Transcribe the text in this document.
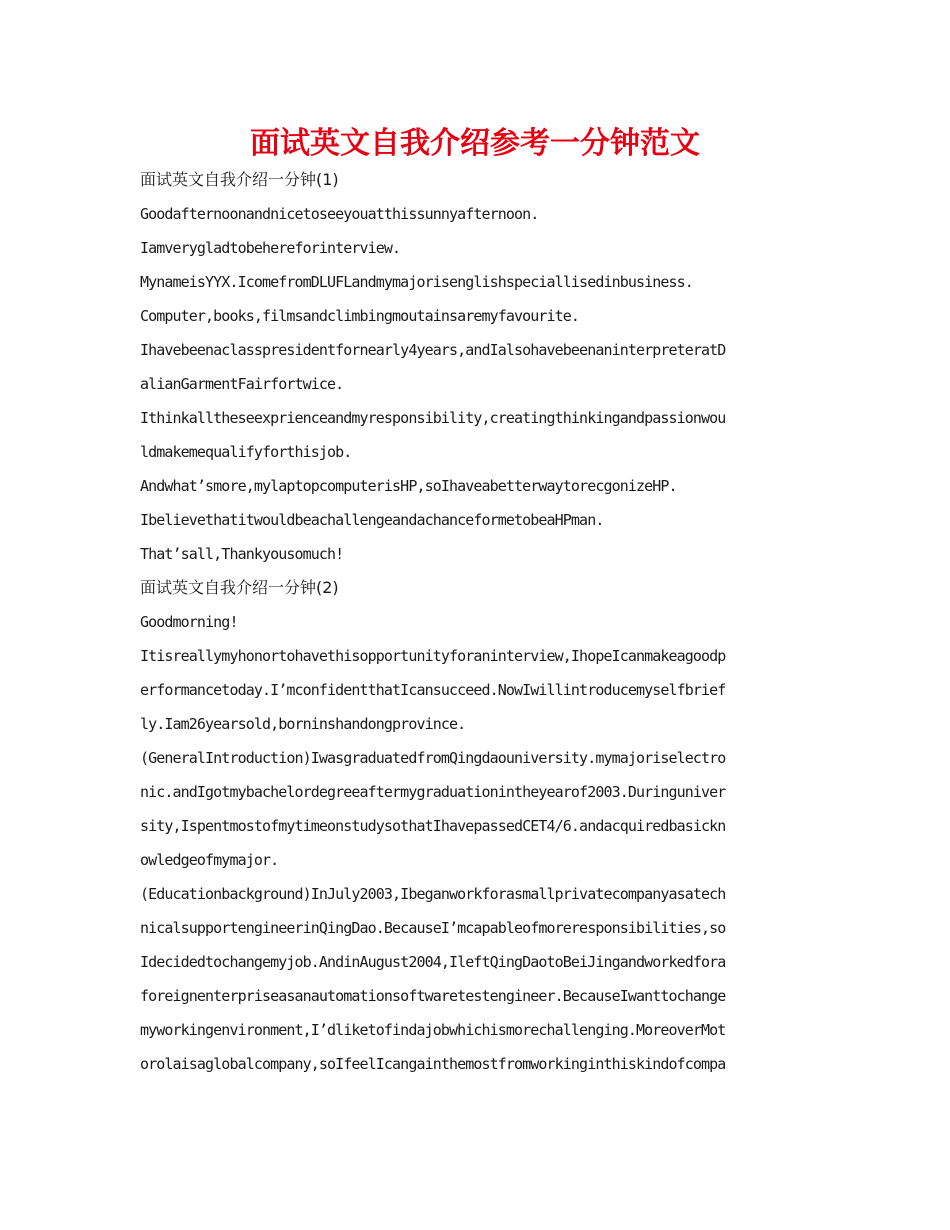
面试英文自我介绍参考一分钟范文
面试英文自我介绍一分钟(1)
Goodafternoonandnicetoseeyouatthissunnyafternoon.
Iamverygladtobehereforinterview.
MynameisYYX.IcomefromDLUFLandmymajorisenglishspeciallisedinbusiness.
Computer,books,filmsandclimbingmoutainsaremyfavourite.
Ihavebeenaclasspresidentfornearly4years,andIalsohavebeenaninterpreteratD
alianGarmentFairfortwice.
Ithinkalltheseexprienceandmyresponsibility,creatingthinkingandpassionwou
ldmakemequalifyforthisjob.
Andwhat’smore,mylaptopcomputerisHP,soIhaveabetterwaytorecgonizeHP.
IbelievethatitwouldbeachallengeandachanceformetobeaHPman.
That’sall,Thankyousomuch!
面试英文自我介绍一分钟(2)
Goodmorning!
Itisreallymyhonortohavethisopportunityforaninterview,IhopeIcanmakeagoodp
erformancetoday.I’mconfidentthatIcansucceed.NowIwillintroducemyselfbrief
ly.Iam26yearsold,borninshandongprovince.
(GeneralIntroduction)IwasgraduatedfromQingdaouniversity.mymajoriselectro
nic.andIgotmybachelordegreeaftermygraduationintheyearof2003.Duringuniver
sity,IspentmostofmytimeonstudysothatIhavepassedCET4/6.andacquiredbasickn
owledgeofmymajor.
(Educationbackground)InJuly2003,Ibeganworkforasmallprivatecompanyasatech
nicalsupportengineerinQingDao.BecauseI’mcapableofmoreresponsibilities,so
Idecidedtochangemyjob.AndinAugust2004,IleftQingDaotoBeiJingandworkedfora
foreignenterpriseasanautomationsoftwaretestengineer.BecauseIwanttochange
myworkingenvironment,I’dliketofindajobwhichismorechallenging.MoreoverMot
orolaisaglobalcompany,soIfeelIcangainthemostfromworkinginthiskindofcompa
